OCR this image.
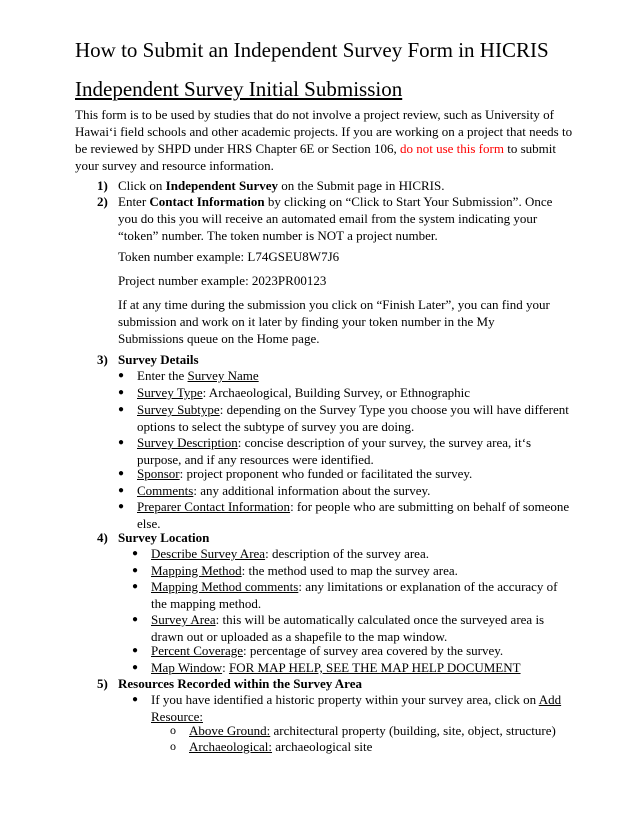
How to Submit an Independent Survey Form in HICRIS
Independent Survey Initial Submission
This form is to be used by studies that do not involve a project review, such as University of Hawai‘i field schools and other academic projects. If you are working on a project that needs to be reviewed by SHPD under HRS Chapter 6E or Section 106, do not use this form to submit your survey and resource information.
1) Click on Independent Survey on the Submit page in HICRIS.
2) Enter Contact Information by clicking on “Click to Start Your Submission”. Once you do this you will receive an automated email from the system indicating your “token” number. The token number is NOT a project number.
Token number example: L74GSEU8W7J6
Project number example: 2023PR00123
If at any time during the submission you click on “Finish Later”, you can find your submission and work on it later by finding your token number in the My Submissions queue on the Home page.
3) Survey Details
● Enter the Survey Name
● Survey Type: Archaeological, Building Survey, or Ethnographic
● Survey Subtype: depending on the Survey Type you choose you will have different options to select the subtype of survey you are doing.
● Survey Description: concise description of your survey, the survey area, it‘s purpose, and if any resources were identified.
● Sponsor: project proponent who funded or facilitated the survey.
● Comments: any additional information about the survey.
● Preparer Contact Information: for people who are submitting on behalf of someone else.
4) Survey Location
● Describe Survey Area: description of the survey area.
● Mapping Method: the method used to map the survey area.
● Mapping Method comments: any limitations or explanation of the accuracy of the mapping method.
● Survey Area: this will be automatically calculated once the surveyed area is drawn out or uploaded as a shapefile to the map window.
● Percent Coverage: percentage of survey area covered by the survey.
● Map Window: FOR MAP HELP, SEE THE MAP HELP DOCUMENT
5) Resources Recorded within the Survey Area
● If you have identified a historic property within your survey area, click on Add Resource:
o Above Ground: architectural property (building, site, object, structure)
o Archaeological: archaeological site
